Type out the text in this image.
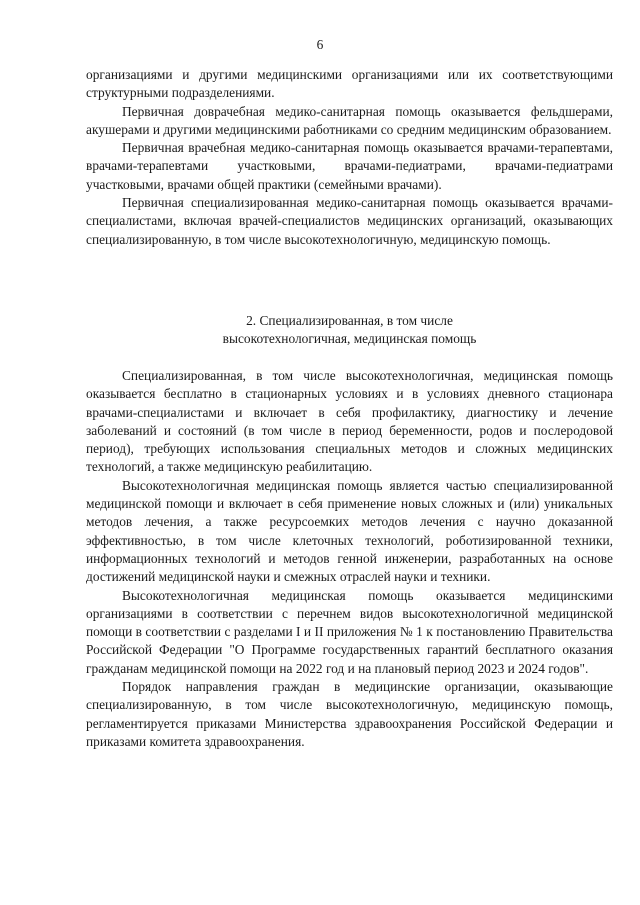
6

организациями и другими медицинскими организациями или их соответствующими структурными подразделениями.

Первичная доврачебная медико-санитарная помощь оказывается фельдшерами, акушерами и другими медицинскими работниками со средним медицинским образованием.

Первичная врачебная медико-санитарная помощь оказывается врачами-терапевтами, врачами-терапевтами участковыми, врачами-педиатрами, врачами-педиатрами участковыми, врачами общей практики (семейными врачами).

Первичная специализированная медико-санитарная помощь оказывается врачами-специалистами, включая врачей-специалистов медицинских организаций, оказывающих специализированную, в том числе высокотехнологичную, медицинскую помощь.

2. Специализированная, в том числе
высокотехнологичная, медицинская помощь

Специализированная, в том числе высокотехнологичная, медицинская помощь оказывается бесплатно в стационарных условиях и в условиях дневного стационара врачами-специалистами и включает в себя профилактику, диагностику и лечение заболеваний и состояний (в том числе в период беременности, родов и послеродовой период), требующих использования специальных методов и сложных медицинских технологий, а также медицинскую реабилитацию.

Высокотехнологичная медицинская помощь является частью специализированной медицинской помощи и включает в себя применение новых сложных и (или) уникальных методов лечения, а также ресурсоемких методов лечения с научно доказанной эффективностью, в том числе клеточных технологий, роботизированной техники, информационных технологий и методов генной инженерии, разработанных на основе достижений медицинской науки и смежных отраслей науки и техники.

Высокотехнологичная медицинская помощь оказывается медицинскими организациями в соответствии с перечнем видов высокотехнологичной медицинской помощи в соответствии с разделами I и II приложения № 1 к постановлению Правительства Российской Федерации "О Программе государственных гарантий бесплатного оказания гражданам медицинской помощи на 2022 год и на плановый период 2023 и 2024 годов".

Порядок направления граждан в медицинские организации, оказывающие специализированную, в том числе высокотехнологичную, медицинскую помощь, регламентируется приказами Министерства здравоохранения Российской Федерации и приказами комитета здравоохранения.
